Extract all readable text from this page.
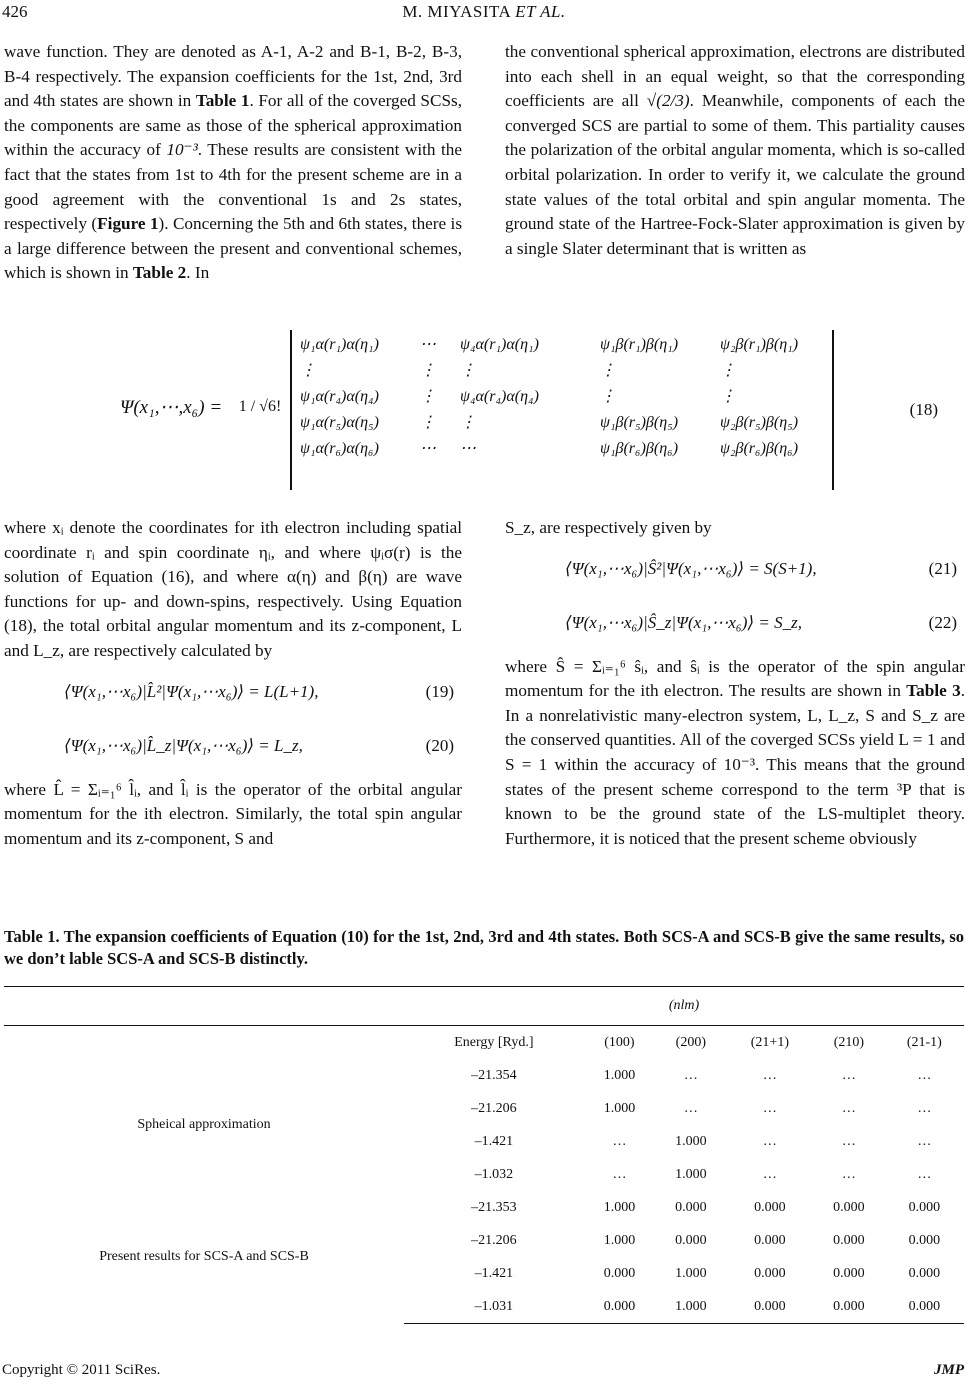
426	M. MIYASITA ET AL.

wave function. They are denoted as A-1, A-2 and B-1, B-2, B-3, B-4 respectively. The expansion coefficients for the 1st, 2nd, 3rd and 4th states are shown in Table 1. For all of the coverged SCSs, the components are same as those of the spherical approximation within the accuracy of 10⁻³. These results are consistent with the fact that the states from 1st to 4th for the present scheme are in a good agreement with the conventional 1s and 2s states, respectively (Figure 1). Concerning the 5th and 6th states, there is a large difference between the present and conventional schemes, which is shown in Table 2. In

the conventional spherical approximation, electrons are distributed into each shell in an equal weight, so that the corresponding coefficients are all √(2/3). Meanwhile, components of each the converged SCS are partial to some of them. This partiality causes the polarization of the orbital angular momenta, which is so-called orbital polarization. In order to verify it, we calculate the ground state values of the total orbital and spin angular momenta. The ground state of the Hartree-Fock-Slater approximation is given by a single Slater determinant that is written as

Ψ(x₁,⋯,x₆) =	1 / √6!
ψ₁α(r₁)α(η₁)	⋯ ψ₄α(r₁)α(η₁)	ψ₁β(r₁)β(η₁)	ψ₂β(r₁)β(η₁)
⋮	⋮ ⋮	⋮	⋮
ψ₁α(r₄)α(η₄)	⋮ ψ₄α(r₄)α(η₄)	⋮	⋮
ψ₁α(r₅)α(η₅)	⋮ ⋮	ψ₁β(r₅)β(η₅)	ψ₂β(r₅)β(η₅)
ψ₁α(r₆)α(η₆)	⋯ ⋯	ψ₁β(r₆)β(η₆)	ψ₂β(r₆)β(η₆)
(18)

where xᵢ denote the coordinates for ith electron including spatial coordinate rᵢ and spin coordinate ηᵢ, and where ψᵢσ(r) is the solution of Equation (16), and where α(η) and β(η) are wave functions for up- and down-spins, respectively. Using Equation (18), the total orbital angular momentum and its z-component, L and L_z, are respectively calculated by

⟨Ψ(x₁,⋯x₆)|L̂²|Ψ(x₁,⋯x₆)⟩ = L(L+1),	(19)
⟨Ψ(x₁,⋯x₆)|L̂_z|Ψ(x₁,⋯x₆)⟩ = L_z,	(20)

where L̂ = Σᵢ₌₁⁶ l̂ᵢ, and l̂ᵢ is the operator of the orbital angular momentum for the ith electron. Similarly, the total spin angular momentum and its z-component, S and

S_z, are respectively given by

⟨Ψ(x₁,⋯x₆)|Ŝ²|Ψ(x₁,⋯x₆)⟩ = S(S+1),	(21)
⟨Ψ(x₁,⋯x₆)|Ŝ_z|Ψ(x₁,⋯x₆)⟩ = S_z,	(22)

where Ŝ = Σᵢ₌₁⁶ ŝᵢ, and ŝᵢ is the operator of the spin angular momentum for the ith electron. The results are shown in Table 3. In a nonrelativistic many-electron system, L, L_z, S and S_z are the conserved quantities. All of the coverged SCSs yield L = 1 and S = 1 within the accuracy of 10⁻³. This means that the ground states of the present scheme correspond to the term ³P that is known to be the ground state of the LS-multiplet theory. Furthermore, it is noticed that the present scheme obviously

Table 1. The expansion coefficients of Equation (10) for the 1st, 2nd, 3rd and 4th states. Both SCS-A and SCS-B give the same results, so we don’t lable SCS-A and SCS-B distinctly.
	(nlm)					
	Energy [Ryd.]	(100)	(200)	(21+1)	(210)	(21-1)
Spheical approximation	–21.354	1.000	…	…	…	…
	–21.206	1.000	…	…	…	…
	–1.421	…	1.000	…	…	…
	–1.032	…	1.000	…	…	…
Present results for SCS-A and SCS-B	–21.353	1.000	0.000	0.000	0.000	0.000
	–21.206	1.000	0.000	0.000	0.000	0.000
	–1.421	0.000	1.000	0.000	0.000	0.000
	–1.031	0.000	1.000	0.000	0.000	0.000
Copyright © 2011 SciRes.	JMP
